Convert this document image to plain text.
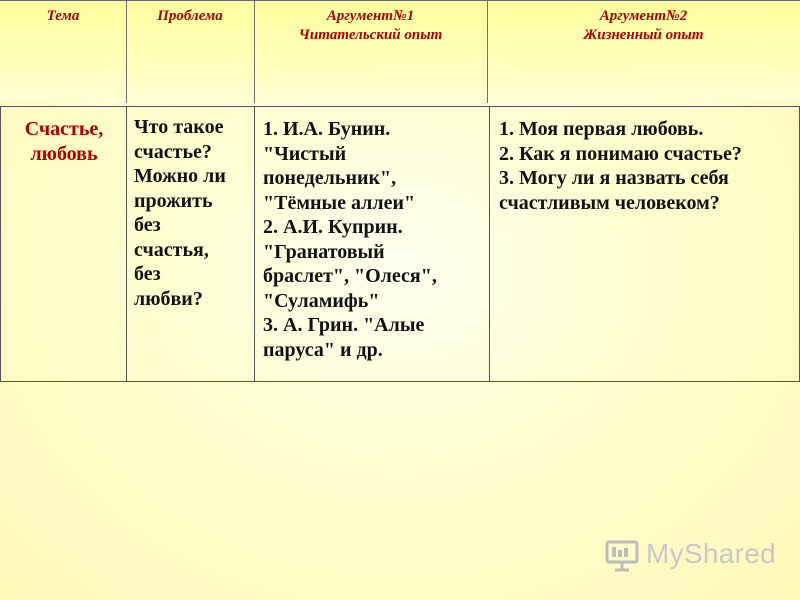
Тема	Проблема	Аргумент№1
Читательский опыт
Аргумент№2
Жизненный опыт
Счастье,
любовь
Что такое
счастье?
Можно ли
прожить
без
счастья,
без
любви?
1. И.А. Бунин.
"Чистый
понедельник",
"Тёмные аллеи"
2. А.И. Куприн.
"Гранатовый
браслет", "Олеся",
"Суламифь"
3. А. Грин. "Алые
паруса" и др.
1. Моя первая любовь.
2. Как я понимаю счастье?
3. Могу ли я назвать себя
счастливым человеком?
MyShared
